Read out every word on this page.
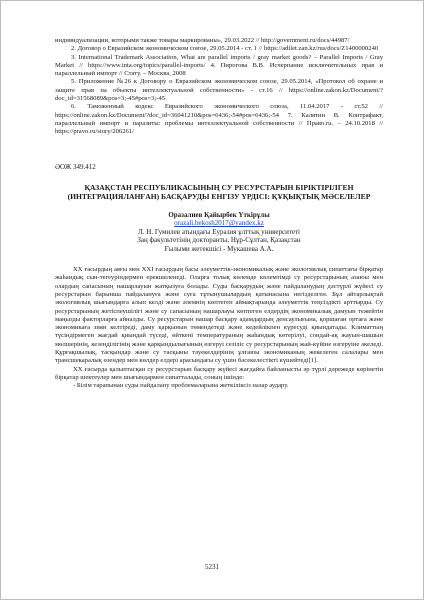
индивидуализации, которыми также товары маркированы», 29.03.2022 // http://government.ru/docs/44987/

2. Договор о Евразийском экономическом союзе, 29.05.2014 - ст. 1 // https://adilet.zan.kz/rus/docs/Z1400000240

3. International Trademark Association, What are parallel imports / gray market goods? – Parallel Imports / Gray Market // https://www.inta.org/topics/parallel-imports/ 4. Пирогова В.В. Исчерпание исключительных прав и параллельный импорт // Стату. – Москва, 2008

5. Приложение №26 к Договору о Евразийском экономическом союзе, 29.05.2014, «Протокол об охране и защите прав на объекты интеллектуальной собственности» - ст.16 // https://online.zakon.kz/Document/?doc_id=31568089&pos=3;-45#pos=3;-45

6. Таможенный кодекс Евразийского экономического союза, 11.04.2017 - ст.52 // https://online.zakon.kz/Document/?doc_id=36041210&pos=6436;-54#pos=6436;-54 7. Калятин В. Контрафакт, параллельный импорт и паразиты: проблемы интеллектуальной собственности // Право.ru. – 24.10.2018 // https://pravo.ru/story/206261/

ӘОЖ 349.412
ҚАЗАҚСТАН РЕСПУБЛИКАСЫНЫҢ СУ РЕСУРСТАРЫН БІРІКТІРІЛГЕН (ИНТЕГРАЦИЯЛАНҒАН) БАСҚАРУДЫ ЕНГІЗУ ҮРДІСІ: ҚҰҚЫҚТЫҚ МӘСЕЛЕЛЕР
Оразалиев Қайырбек Үткірұлы
orazali.bekosh2017@yandex.kz
Л. Н. Гумилев атындағы Еуразия ұлттық университеті
Заң факультетінің докторанты, Нұр-Сұлтан, Қазақстан
Ғылыми жетекшісі - Мукашева А.А.

XX ғасырдың аяғы мен XXI ғасырдың басы әлеуметтік-экономикалық және экологиялық сипаттағы бірқатар жаһандық сын-тегеуріндермен ерекшеленеді. Оларға толық көлемде көлемтімді су ресурстарының азаюы мен олардың сапасының нашарлауын жатқызуға болады. Суды басқарудың және пайдаланудың дәстүрлі жүйесі су ресурстарын барынша пайдалануға және суға тұтынушылардың қатынасына негізделген. Бұл айтарлықтай экологиялық шығындарға алып келді және әлемнің көптеген аймақтарында әлеуметтік теңсіздікті арттырды. Су ресурстарының жетіспеушілігі және су сапасының нашарлауы көптеген елдердің экономикалық дамуын тежейтін маңызды факторларға айналды. Су ресурстарын нашар басқару адамдардың денсаулығына, қоршаған ортаға және экономикаға зиян келтіреді, даму қарқынын төмендетеді және кедейлікпен күресуді қиындатады. Климаттың түсіндірмеген жағдай қиындай түседі, өйткені температураның жаһандық көтерілуі, сондай-ақ жауын-шашын мөлшерінің, кезеңділігінің және қарқындылығының өзгеруі сезіліс су ресурстарының жай-күйіне өзгеруіне әкеледі. Құрғақшылық, тасқындар және су тасқыны тәуекелдерінің ұлғаюы экономиканың жекелеген салалары мен трансшекаралық өзендер мен көлдер елдері арасындағы су үшін бәсекелестікті күшейтеді[1].

XX ғасырда қалыптасқан су ресурстарын басқару жүйесі жағдайға байланысты әр түрлі дәрежеде көрінетін бірқатар шектеулер мен шығындармен сипатталады, соның ішінде:

- Білім тарапынан суды пайдалану проблемаларына жеткіліксіз назар аудару.

5231
